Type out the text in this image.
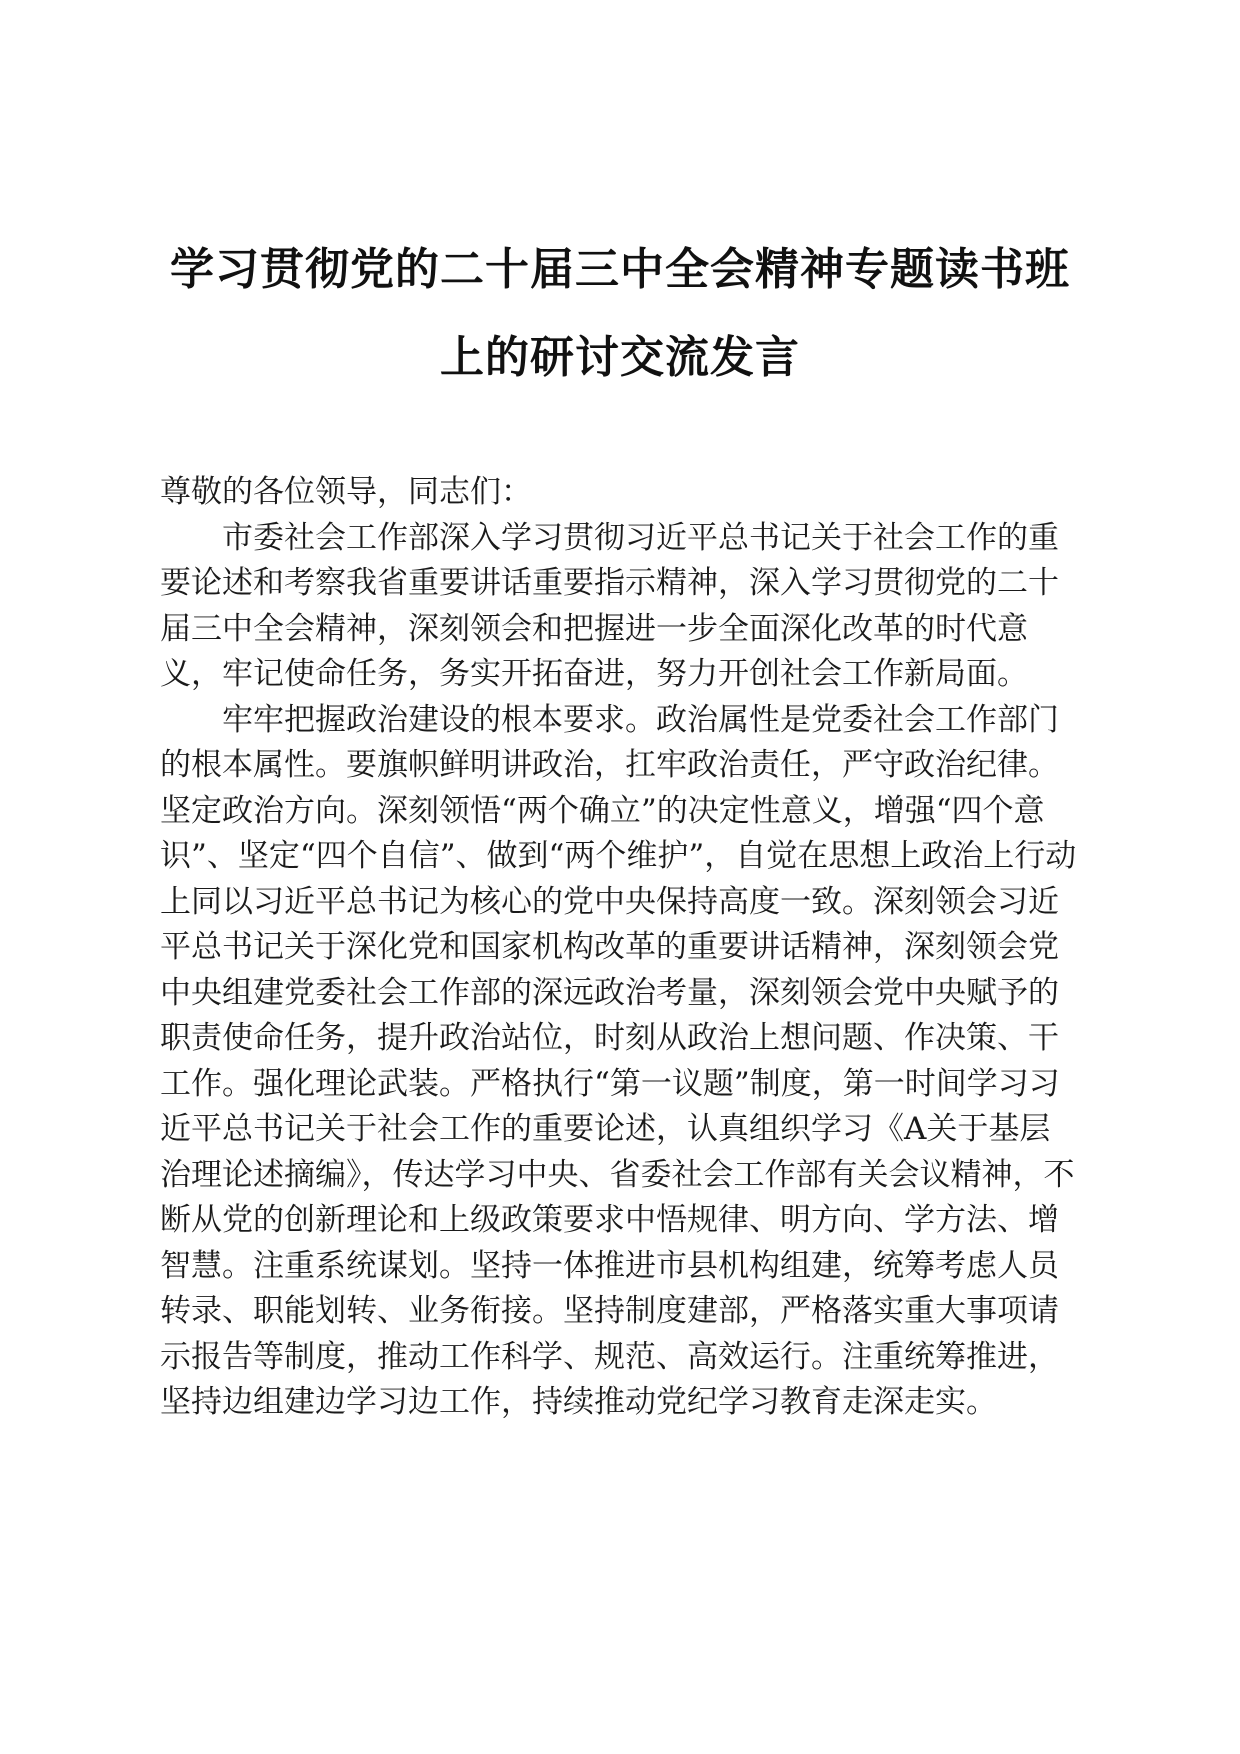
学习贯彻党的二十届三中全会精神专题读书班
上的研讨交流发言

尊敬的各位领导，同志们：

市委社会工作部深入学习贯彻习近平总书记关于社会工作的重要论述和考察我省重要讲话重要指示精神，深入学习贯彻党的二十届三中全会精神，深刻领会和把握进一步全面深化改革的时代意义，牢记使命任务，务实开拓奋进，努力开创社会工作新局面。

牢牢把握政治建设的根本要求。政治属性是党委社会工作部门的根本属性。要旗帜鲜明讲政治，扛牢政治责任，严守政治纪律。坚定政治方向。深刻领悟“两个确立”的决定性意义，增强“四个意识”、坚定“四个自信”、做到“两个维护”，自觉在思想上政治上行动上同以习近平总书记为核心的党中央保持高度一致。深刻领会习近平总书记关于深化党和国家机构改革的重要讲话精神，深刻领会党中央组建党委社会工作部的深远政治考量，深刻领会党中央赋予的职责使命任务，提升政治站位，时刻从政治上想问题、作决策、干工作。强化理论武装。严格执行“第一议题”制度，第一时间学习习近平总书记关于社会工作的重要论述，认真组织学习《A关于基层治理论述摘编》，传达学习中央、省委社会工作部有关会议精神，不断从党的创新理论和上级政策要求中悟规律、明方向、学方法、增智慧。注重系统谋划。坚持一体推进市县机构组建，统筹考虑人员转录、职能划转、业务衔接。坚持制度建部，严格落实重大事项请示报告等制度，推动工作科学、规范、高效运行。注重统筹推进，坚持边组建边学习边工作，持续推动党纪学习教育走深走实。
